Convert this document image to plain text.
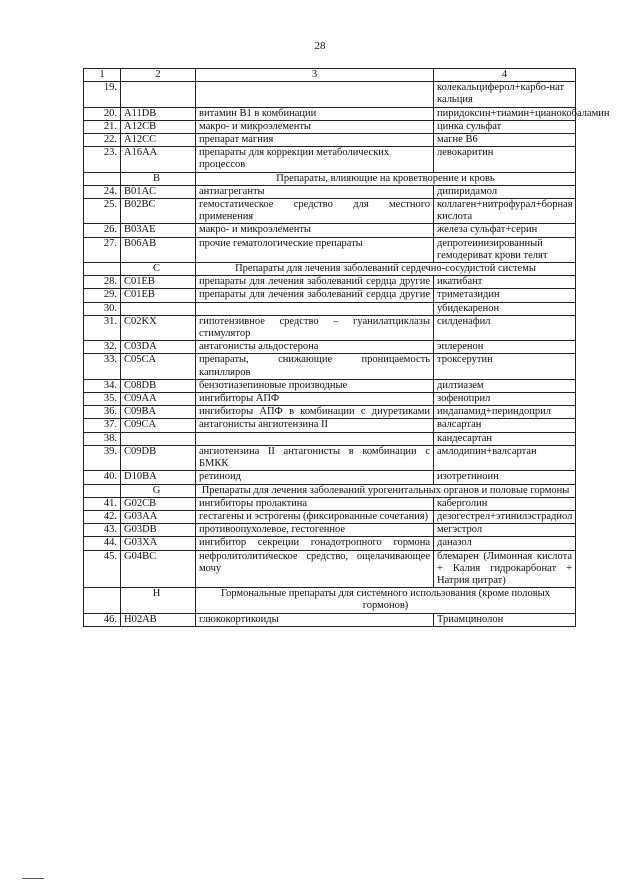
28
1	2	3	4
19.			колекальциферол+карбо-нат кальция
20.	A11DB	витамин В1 в комбинации	пиридоксин+тиамин+цианокобаламин
21.	A12CB	макро- и микроэлементы	цинка сульфат
22.	A12CC	препарат магния	магне В6
23.	A16AA	препараты для коррекции метаболических процессов	левокаритин
	B	Препараты, влияющие на кроветворение и кровь	
24.	B01AC	антиагреганты	дипиридамол
25.	B02BC	гемостатическое средство для местного применения	коллаген+нитрофурал+борная кислота
26.	B03AE	макро- и микроэлементы	железа сульфат+серин
27.	B06AB	прочие гематологические препараты	депротеинизированный гемодериват крови телят
	C	Препараты для лечения заболеваний сердечно-сосудистой системы	
28.	C01EB	препараты для лечения заболеваний сердца другие	икатибант
29.	C01EB	препараты для лечения заболеваний сердца другие	триметазидин
30.			убидекаренон
31.	C02KX	гипотензивное средство – гуанилатциклазы стимулятор	силденафил
32.	C03DA	антагонисты альдостерона	эплеренон
33.	C05CA	препараты, снижающие проницаемость капилляров	троксерутин
34.	C08DB	бензотиазепиновые производные	дилтиазем
35.	C09AA	ингибиторы АПФ	зофеноприл
36.	C09BA	ингибиторы АПФ в комбинации с диуретиками	индапамид+периндоприл
37.	C09CA	антагонисты ангиотензина II	валсартан
38.			кандесартан
39.	C09DB	ангиотензина II антагонисты в комбинации с БМКК	амлодипин+валсартан
40.	D10BA	ретиноид	изотретиноин
	G	Препараты для лечения заболеваний урогенитальных органов и половые гормоны	
41.	G02CB	ингибиторы пролактина	каберголин
42.	G03AA	гестагены и эстрогены (фиксированные сочетания)	дезогестрел+этинилэстрадиол
43.	G03DB	противоопухолевое, гестогенное	мегэстрол
44.	G03XA	ингибитор секреции гонадотропного гормона	даназол
45.	G04BC	нефролитолитическое средство, ощелачивающее мочу	блемарен (Лимонная кислота + Калия гидрокарбонат + Натрия цитрат)
	H	Гормональные препараты для системного использования (кроме половых гормонов)	
46.	H02AB	глюкокортикоиды	Триамцинолон
